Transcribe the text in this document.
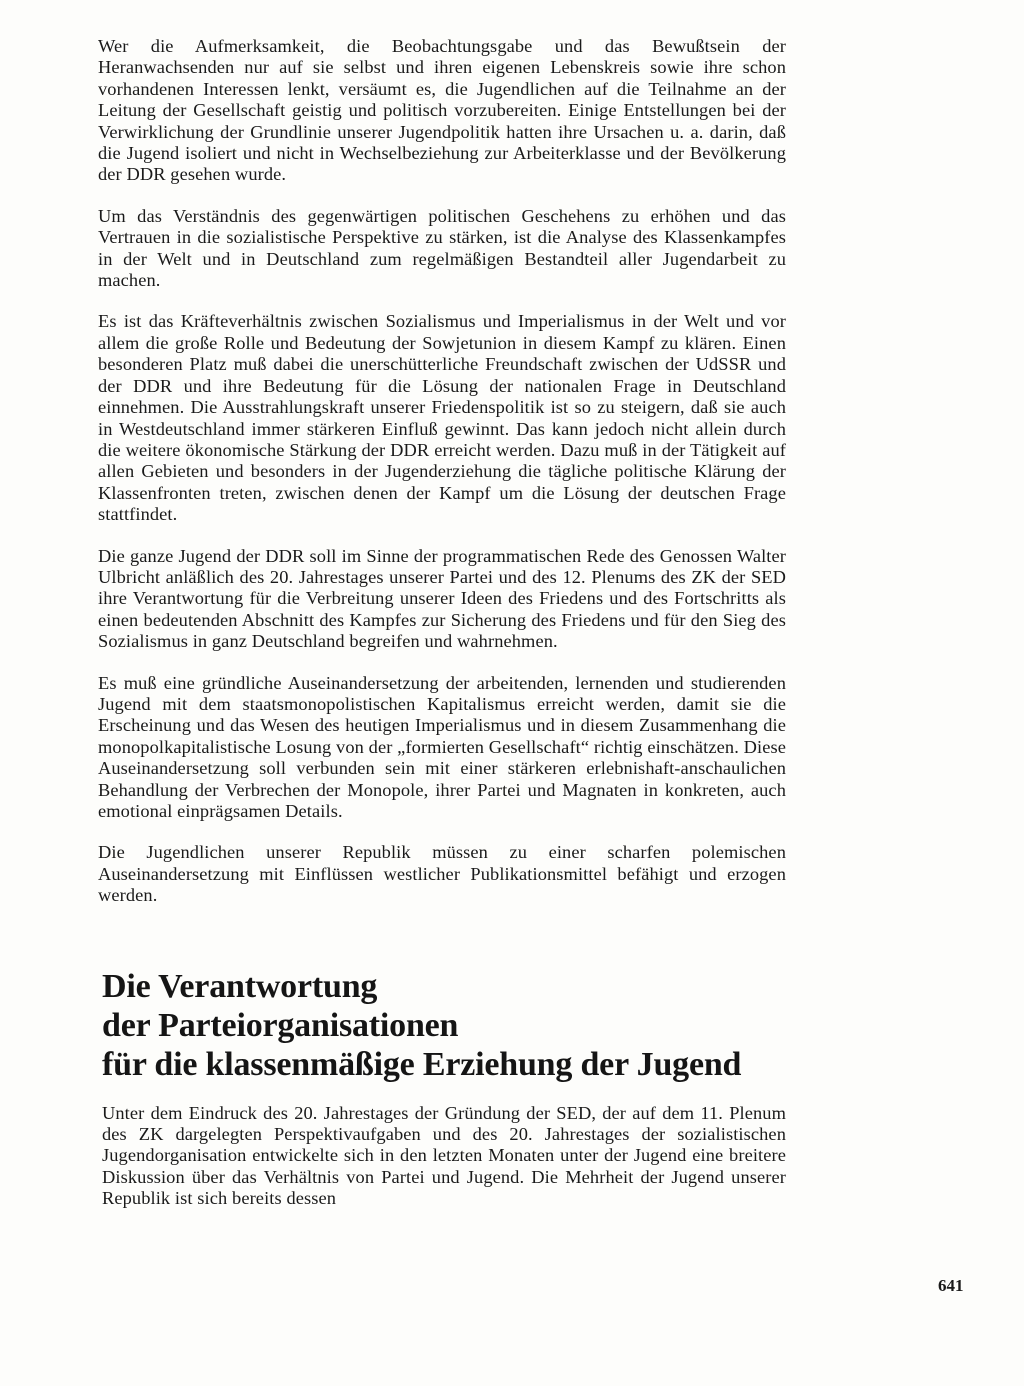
Wer die Aufmerksamkeit, die Beobachtungsgabe und das Bewußtsein der Heranwachsenden nur auf sie selbst und ihren eigenen Lebenskreis sowie ihre schon vorhandenen Interessen lenkt, versäumt es, die Jugendlichen auf die Teilnahme an der Leitung der Gesellschaft geistig und politisch vorzubereiten. Einige Entstellungen bei der Verwirklichung der Grundlinie unserer Jugendpolitik hatten ihre Ursachen u. a. darin, daß die Jugend isoliert und nicht in Wechselbeziehung zur Arbeiterklasse und der Bevölkerung der DDR gesehen wurde.

Um das Verständnis des gegenwärtigen politischen Geschehens zu erhöhen und das Vertrauen in die sozialistische Perspektive zu stärken, ist die Analyse des Klassenkampfes in der Welt und in Deutschland zum regelmäßigen Bestandteil aller Jugendarbeit zu machen.

Es ist das Kräfteverhältnis zwischen Sozialismus und Imperialismus in der Welt und vor allem die große Rolle und Bedeutung der Sowjetunion in diesem Kampf zu klären. Einen besonderen Platz muß dabei die unerschütterliche Freundschaft zwischen der UdSSR und der DDR und ihre Bedeutung für die Lösung der nationalen Frage in Deutschland einnehmen. Die Ausstrahlungskraft unserer Friedenspolitik ist so zu steigern, daß sie auch in Westdeutschland immer stärkeren Einfluß gewinnt. Das kann jedoch nicht allein durch die weitere ökonomische Stärkung der DDR erreicht werden. Dazu muß in der Tätigkeit auf allen Gebieten und besonders in der Jugenderziehung die tägliche politische Klärung der Klassenfronten treten, zwischen denen der Kampf um die Lösung der deutschen Frage stattfindet.

Die ganze Jugend der DDR soll im Sinne der programmatischen Rede des Genossen Walter Ulbricht anläßlich des 20. Jahrestages unserer Partei und des 12. Plenums des ZK der SED ihre Verantwortung für die Verbreitung unserer Ideen des Friedens und des Fortschritts als einen bedeutenden Abschnitt des Kampfes zur Sicherung des Friedens und für den Sieg des Sozialismus in ganz Deutschland begreifen und wahrnehmen.

Es muß eine gründliche Auseinandersetzung der arbeitenden, lernenden und studierenden Jugend mit dem staatsmonopolistischen Kapitalismus erreicht werden, damit sie die Erscheinung und das Wesen des heutigen Imperialismus und in diesem Zusammenhang die monopolkapitalistische Losung von der „formierten Gesellschaft“ richtig einschätzen. Diese Auseinandersetzung soll verbunden sein mit einer stärkeren erlebnishaft-anschaulichen Behandlung der Verbrechen der Monopole, ihrer Partei und Magnaten in konkreten, auch emotional einprägsamen Details.

Die Jugendlichen unserer Republik müssen zu einer scharfen polemischen Auseinandersetzung mit Einflüssen westlicher Publikationsmittel befähigt und erzogen werden.

Die Verantwortung
der Parteiorganisationen
für die klassenmäßige Erziehung der Jugend

Unter dem Eindruck des 20. Jahrestages der Gründung der SED, der auf dem 11. Plenum des ZK dargelegten Perspektivaufgaben und des 20. Jahrestages der sozialistischen Jugendorganisation entwickelte sich in den letzten Monaten unter der Jugend eine breitere Diskussion über das Verhältnis von Partei und Jugend. Die Mehrheit der Jugend unserer Republik ist sich bereits dessen

641
